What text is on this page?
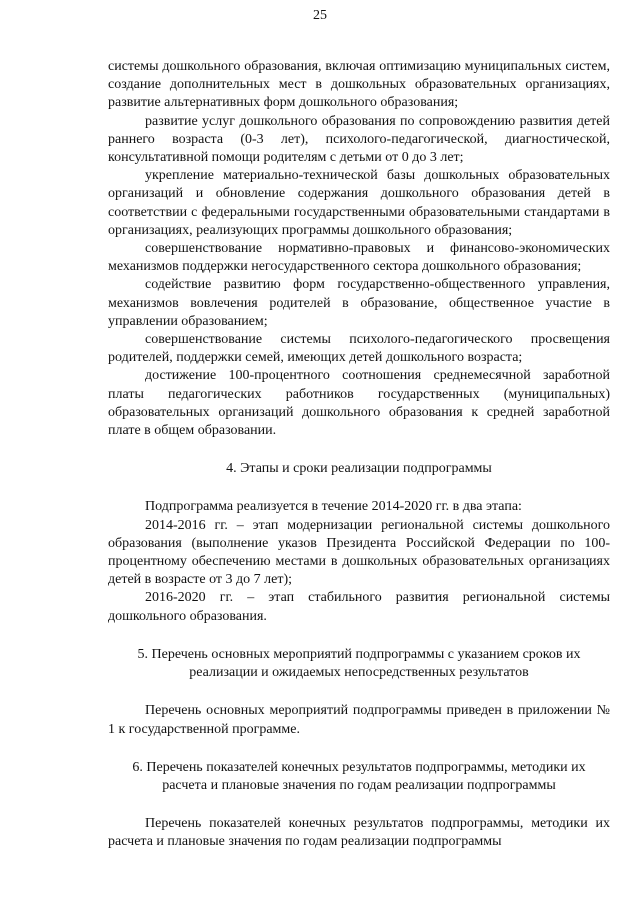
25

системы дошкольного образования, включая оптимизацию муниципальных систем, создание дополнительных мест в дошкольных образовательных организациях, развитие альтернативных форм дошкольного образования;

развитие услуг дошкольного образования по сопровождению развития детей раннего возраста (0-3 лет), психолого-педагогической, диагностической, консультативной помощи родителям с детьми от 0 до 3 лет;

укрепление материально-технической базы дошкольных образовательных организаций и обновление содержания дошкольного образования детей в соответствии с федеральными государственными образовательными стандартами в организациях, реализующих программы дошкольного образования;

совершенствование нормативно-правовых и финансово-экономических механизмов поддержки негосударственного сектора дошкольного образования;

содействие развитию форм государственно-общественного управления, механизмов вовлечения родителей в образование, общественное участие в управлении образованием;

совершенствование системы психолого-педагогического просвещения родителей, поддержки семей, имеющих детей дошкольного возраста;

достижение 100-процентного соотношения среднемесячной заработной платы педагогических работников государственных (муниципальных) образовательных организаций дошкольного образования к средней заработной плате в общем образовании.

4. Этапы и сроки реализации подпрограммы

Подпрограмма реализуется в течение 2014-2020 гг. в два этапа:

2014-2016 гг. – этап модернизации региональной системы дошкольного образования (выполнение указов Президента Российской Федерации по 100-процентному обеспечению местами в дошкольных образовательных организациях детей в возрасте от 3 до 7 лет);

2016-2020 гг. – этап стабильного развития региональной системы дошкольного образования.

5. Перечень основных мероприятий подпрограммы с указанием сроков их

реализации и ожидаемых непосредственных результатов

Перечень основных мероприятий подпрограммы приведен в приложении № 1 к государственной программе.

6. Перечень показателей конечных результатов подпрограммы, методики их

расчета и плановые значения по годам реализации подпрограммы

Перечень показателей конечных результатов подпрограммы, методики их расчета и плановые значения по годам реализации подпрограммы
